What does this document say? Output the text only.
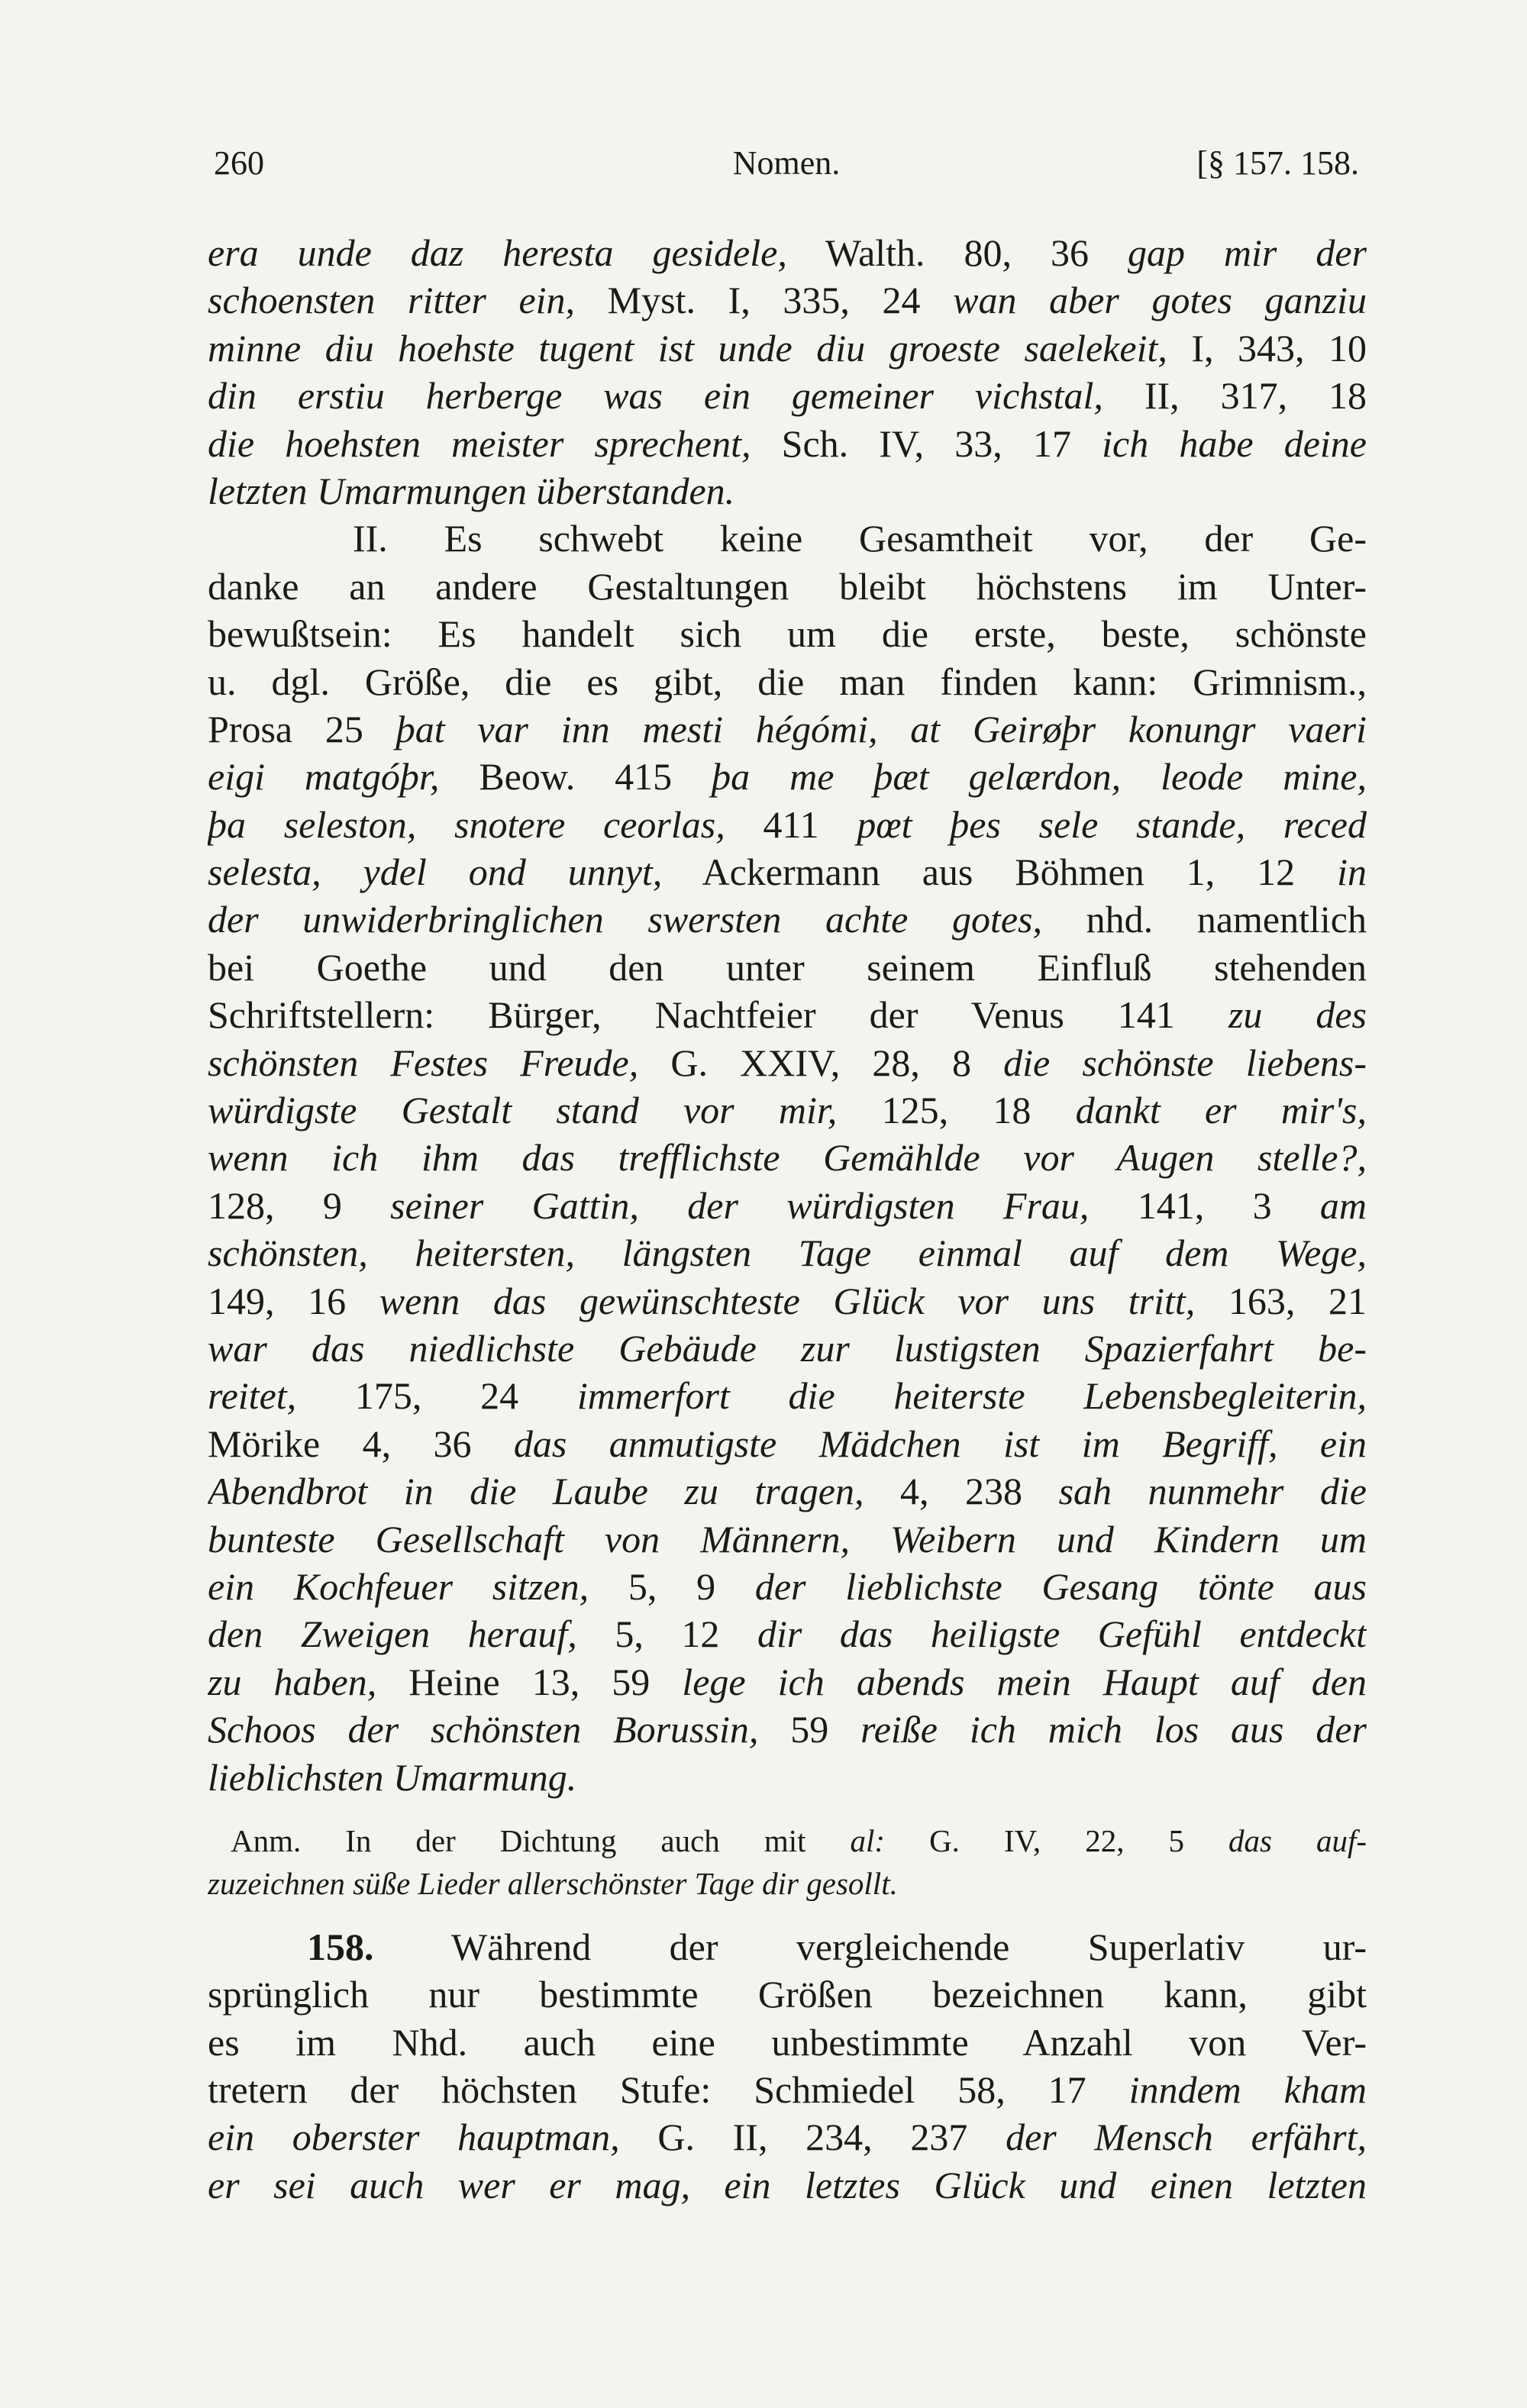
260	Nomen.	[§ 157. 158.
era unde daz heresta gesidele, Walth. 80, 36 gap mir der
schoensten ritter ein, Myst. I, 335, 24 wan aber gotes ganziu
minne diu hoehste tugent ist unde diu groeste saelekeit, I, 343, 10
din erstiu herberge was ein gemeiner vichstal, II, 317, 18
die hoehsten meister sprechent, Sch. IV, 33, 17 ich habe deine
letzten Umarmungen überstanden.
II. Es schwebt keine Gesamtheit vor, der Ge-
danke an andere Gestaltungen bleibt höchstens im Unter-
bewußtsein: Es handelt sich um die erste, beste, schönste
u. dgl. Größe, die es gibt, die man finden kann: Grimnism.,
Prosa 25 þat var inn mesti hégómi, at Geirøþr konungr vaeri
eigi matgóþr, Beow. 415 þa me þæt gelærdon, leode mine,
þa seleston, snotere ceorlas, 411 pœt þes sele stande, reced
selesta, ydel ond unnyt, Ackermann aus Böhmen 1, 12 in
der unwiderbringlichen swersten achte gotes, nhd. namentlich
bei Goethe und den unter seinem Einfluß stehenden
Schriftstellern: Bürger, Nachtfeier der Venus 141 zu des
schönsten Festes Freude, G. XXIV, 28, 8 die schönste liebens-
würdigste Gestalt stand vor mir, 125, 18 dankt er mir's,
wenn ich ihm das trefflichste Gemählde vor Augen stelle?,
128, 9 seiner Gattin, der würdigsten Frau, 141, 3 am
schönsten, heitersten, längsten Tage einmal auf dem Wege,
149, 16 wenn das gewünschteste Glück vor uns tritt, 163, 21
war das niedlichste Gebäude zur lustigsten Spazierfahrt be-
reitet, 175, 24 immerfort die heiterste Lebensbegleiterin,
Mörike 4, 36 das anmutigste Mädchen ist im Begriff, ein
Abendbrot in die Laube zu tragen, 4, 238 sah nunmehr die
bunteste Gesellschaft von Männern, Weibern und Kindern um
ein Kochfeuer sitzen, 5, 9 der lieblichste Gesang tönte aus
den Zweigen herauf, 5, 12 dir das heiligste Gefühl entdeckt
zu haben, Heine 13, 59 lege ich abends mein Haupt auf den
Schoos der schönsten Borussin, 59 reiße ich mich los aus der
lieblichsten Umarmung.
Anm. In der Dichtung auch mit al: G. IV, 22, 5 das auf-
zuzeichnen süße Lieder allerschönster Tage dir gesollt.
158. Während der vergleichende Superlativ ur-
sprünglich nur bestimmte Größen bezeichnen kann, gibt
es im Nhd. auch eine unbestimmte Anzahl von Ver-
tretern der höchsten Stufe: Schmiedel 58, 17 inndem kham
ein oberster hauptman, G. II, 234, 237 der Mensch erfährt,
er sei auch wer er mag, ein letztes Glück und einen letzten
